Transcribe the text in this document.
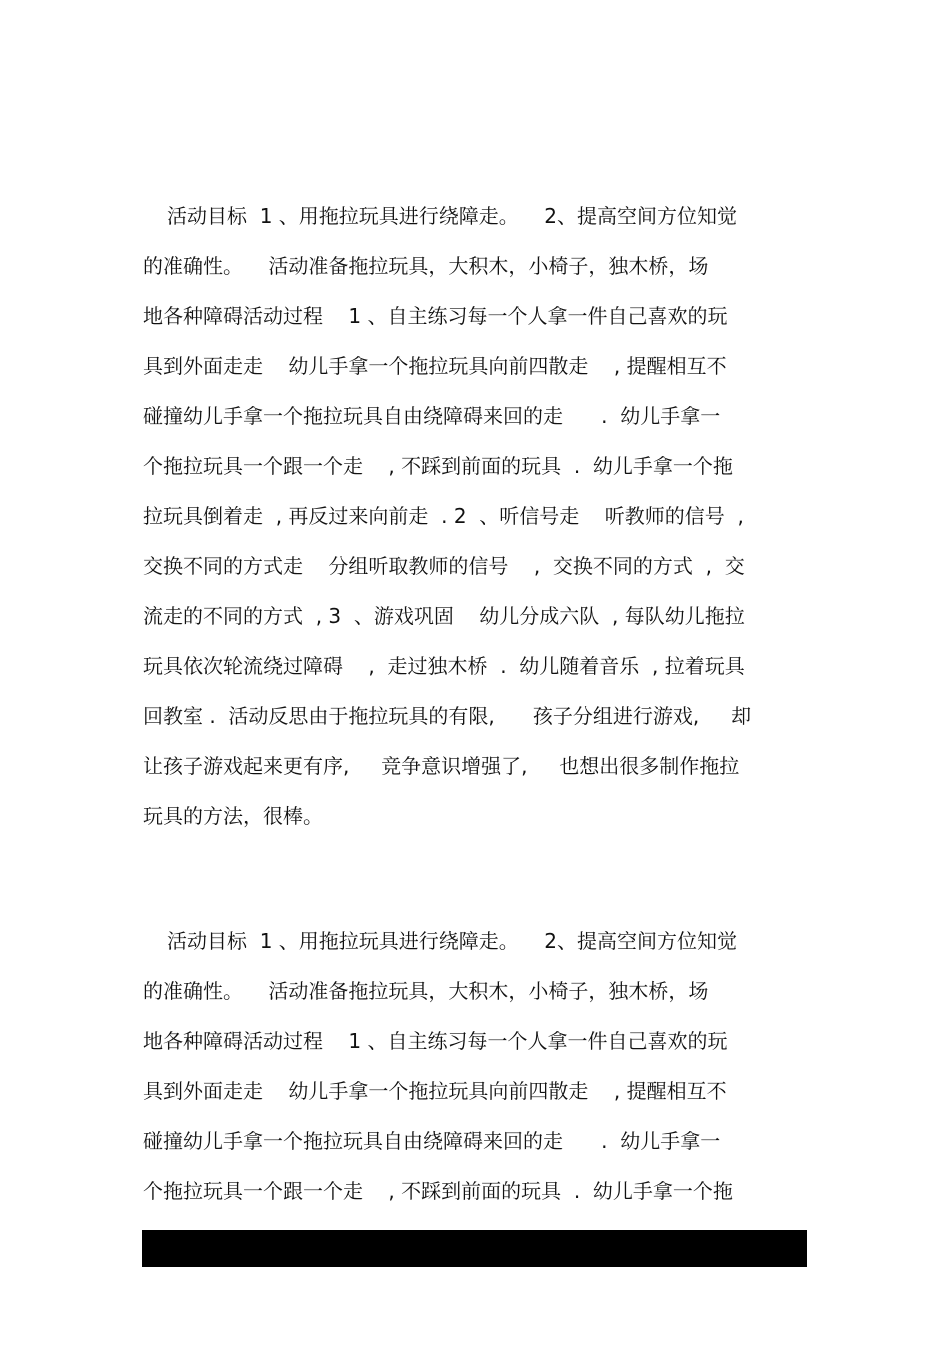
活动目标  1 、用拖拉玩具进行绕障走。    2、提高空间方位知觉
的准确性。    活动准备拖拉玩具，大积木，小椅子，独木桥，场
地各种障碍活动过程    1 、自主练习每一个人拿一件自己喜欢的玩
具到外面走走    幼儿手拿一个拖拉玩具向前四散走    , 提醒相互不
碰撞幼儿手拿一个拖拉玩具自由绕障碍来回的走      .  幼儿手拿一
个拖拉玩具一个跟一个走    , 不踩到前面的玩具  .  幼儿手拿一个拖
拉玩具倒着走  , 再反过来向前走  . 2  、听信号走    听教师的信号  ,
交换不同的方式走    分组听取教师的信号    ,  交换不同的方式  ,  交
流走的不同的方式  , 3  、游戏巩固    幼儿分成六队  , 每队幼儿拖拉
玩具依次轮流绕过障碍    ,  走过独木桥  .  幼儿随着音乐  , 拉着玩具
回教室 .  活动反思由于拖拉玩具的有限,      孩子分组进行游戏,     却
让孩子游戏起来更有序,     竞争意识增强了,     也想出很多制作拖拉
玩具的方法，很棒。
活动目标  1 、用拖拉玩具进行绕障走。    2、提高空间方位知觉
的准确性。    活动准备拖拉玩具，大积木，小椅子，独木桥，场
地各种障碍活动过程    1 、自主练习每一个人拿一件自己喜欢的玩
具到外面走走    幼儿手拿一个拖拉玩具向前四散走    , 提醒相互不
碰撞幼儿手拿一个拖拉玩具自由绕障碍来回的走      .  幼儿手拿一
个拖拉玩具一个跟一个走    , 不踩到前面的玩具  .  幼儿手拿一个拖
